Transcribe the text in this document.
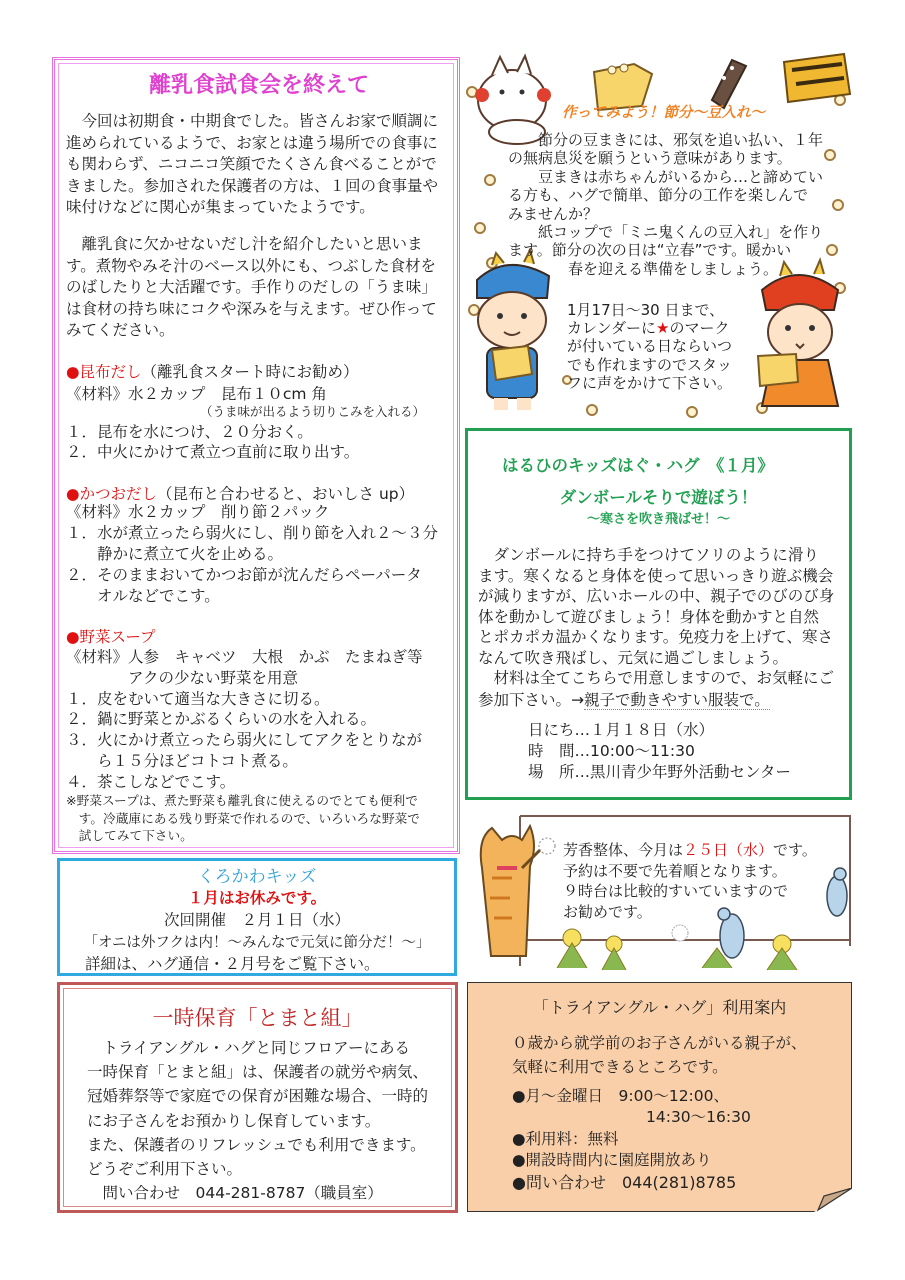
離乳食試食会を終えて
　今回は初期食・中期食でした。皆さんお家で順調に
進められているようで、お家とは違う場所での食事に
も関わらず、ニコニコ笑顔でたくさん食べることがで
きました。参加された保護者の方は、１回の食事量や
味付けなどに関心が集まっていたようです。
　離乳食に欠かせないだし汁を紹介したいと思いま
す。煮物やみそ汁のベース以外にも、つぶした食材を
のばしたりと大活躍です。手作りのだしの「うま味」
は食材の持ち味にコクや深みを与えます。ぜひ作って
みてください。
●昆布だし（離乳食スタート時にお勧め）
《材料》水２カップ　昆布１０cm 角
（うま味が出るよう切りこみを入れる）
１．昆布を水につけ、２０分おく。
２．中火にかけて煮立つ直前に取り出す。
●かつおだし（昆布と合わせると、おいしさ up）
《材料》水２カップ　削り節２パック
１．水が煮立ったら弱火にし、削り節を入れ２～３分
　　静かに煮立て火を止める。
２．そのままおいてかつお節が沈んだらペーパータ
　　オルなどでこす。
●野菜スープ
《材料》人参　キャベツ　大根　かぶ　たまねぎ等
　　　　アクの少ない野菜を用意
１．皮をむいて適当な大きさに切る。
２．鍋に野菜とかぶるくらいの水を入れる。
３．火にかけ煮立ったら弱火にしてアクをとりなが
　　ら１５分ほどコトコト煮る。
４．茶こしなどでこす。
※野菜スープは、煮た野菜も離乳食に使えるのでとても便利で
　す。冷蔵庫にある残り野菜で作れるので、いろいろな野菜で
　試してみて下さい。
くろかわキッズ
１月はお休みです。
次回開催　２月１日（水）
「オニは外フクは内！～みんなで元気に節分だ！～」
詳細は、ハグ通信・２月号をご覧下さい。
一時保育「とまと組」
　トライアングル・ハグと同じフロアーにある
一時保育「とまと組」は、保護者の就労や病気、
冠婚葬祭等で家庭での保育が困難な場合、一時的
にお子さんをお預かりし保育しています。
また、保護者のリフレッシュでも利用できます。
どうぞご利用下さい。
　問い合わせ　044-281-8787（職員室）
作ってみよう！節分～豆入れ～
　　節分の豆まきには、邪気を追い払い、１年
の無病息災を願うという意味があります。
　　豆まきは赤ちゃんがいるから…と諦めてい
る方も、ハグで簡単、節分の工作を楽しんで
みませんか？
　　紙コップで「ミニ鬼くんの豆入れ」を作り
ます。節分の次の日は“立春”です。暖かい
　　　　春を迎える準備をしましょう。
1月17日～30 日まで、
カレンダーに★のマーク
が付いている日ならいつ
でも作れますのでスタッ
フに声をかけて下さい。
はるひのキッズはぐ・ハグ　《１月》
ダンボールそりで遊ぼう！
～寒さを吹き飛ばせ！～
　ダンボールに持ち手をつけてソリのように滑り
ます。寒くなると身体を使って思いっきり遊ぶ機会
が減りますが、広いホールの中、親子でのびのび身
体を動かして遊びましょう！身体を動かすと自然
とポカポカ温かくなります。免疫力を上げて、寒さ
なんて吹き飛ばし、元気に過ごしましょう。
　材料は全てこちらで用意しますので、お気軽にご
参加下さい。→親子で動きやすい服装で。
日にち…１月１８日（水）
時　間…10:00～11:30
場　所…黒川青少年野外活動センター
芳香整体、今月は２５日（水）です。
予約は不要で先着順となります。
９時台は比較的すいていますので
お勧めです。
「トライアングル・ハグ」利用案内
０歳から就学前のお子さんがいる親子が、
気軽に利用できるところです。
●月～金曜日　9:00～12:00、
14:30～16:30
●利用料：無料
●開設時間内に園庭開放あり
●問い合わせ　044(281)8785
